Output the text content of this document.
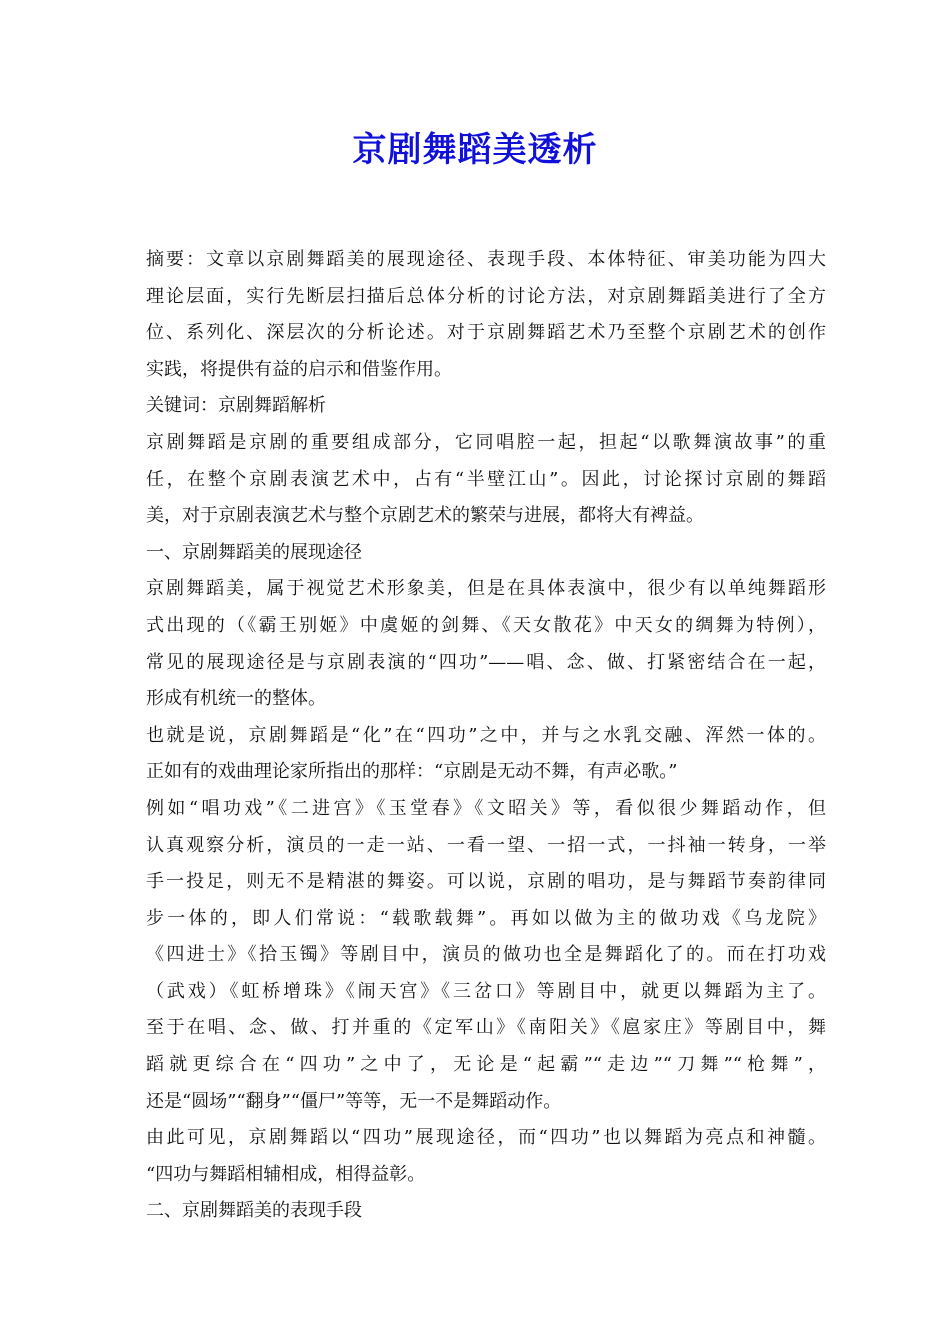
京剧舞蹈美透析
摘要：文章以京剧舞蹈美的展现途径、表现手段、本体特征、审美功能为四大
理论层面，实行先断层扫描后总体分析的讨论方法，对京剧舞蹈美进行了全方
位、系列化、深层次的分析论述。对于京剧舞蹈艺术乃至整个京剧艺术的创作
实践，将提供有益的启示和借鉴作用。
关键词：京剧舞蹈解析
京剧舞蹈是京剧的重要组成部分，它同唱腔一起，担起“以歌舞演故事”的重
任，在整个京剧表演艺术中，占有“半壁江山”。因此，讨论探讨京剧的舞蹈
美，对于京剧表演艺术与整个京剧艺术的繁荣与进展，都将大有裨益。
一、京剧舞蹈美的展现途径
京剧舞蹈美，属于视觉艺术形象美，但是在具体表演中，很少有以单纯舞蹈形
式出现的（《霸王别姬》中虞姬的剑舞、《天女散花》中天女的绸舞为特例），
常见的展现途径是与京剧表演的“四功”——唱、念、做、打紧密结合在一起，
形成有机统一的整体。
也就是说，京剧舞蹈是“化”在“四功”之中，并与之水乳交融、浑然一体的。
正如有的戏曲理论家所指出的那样：“京剧是无动不舞，有声必歌。”
例如“唱功戏”《二进宫》《玉堂春》《文昭关》等，看似很少舞蹈动作，但
认真观察分析，演员的一走一站、一看一望、一招一式，一抖袖一转身，一举
手一投足，则无不是精湛的舞姿。可以说，京剧的唱功，是与舞蹈节奏韵律同
步一体的，即人们常说：“载歌载舞”。再如以做为主的做功戏《乌龙院》
《四进士》《拾玉镯》等剧目中，演员的做功也全是舞蹈化了的。而在打功戏
（武戏）《虹桥增珠》《闹天宫》《三岔口》等剧目中，就更以舞蹈为主了。
至于在唱、念、做、打并重的《定军山》《南阳关》《扈家庄》等剧目中，舞
蹈就更综合在“四功”之中了，无论是“起霸”“走边”“刀舞”“枪舞”，
还是“圆场”“翻身”“僵尸”等等，无一不是舞蹈动作。
由此可见，京剧舞蹈以“四功”展现途径，而“四功”也以舞蹈为亮点和神髓。
“四功与舞蹈相辅相成，相得益彰。
二、京剧舞蹈美的表现手段
